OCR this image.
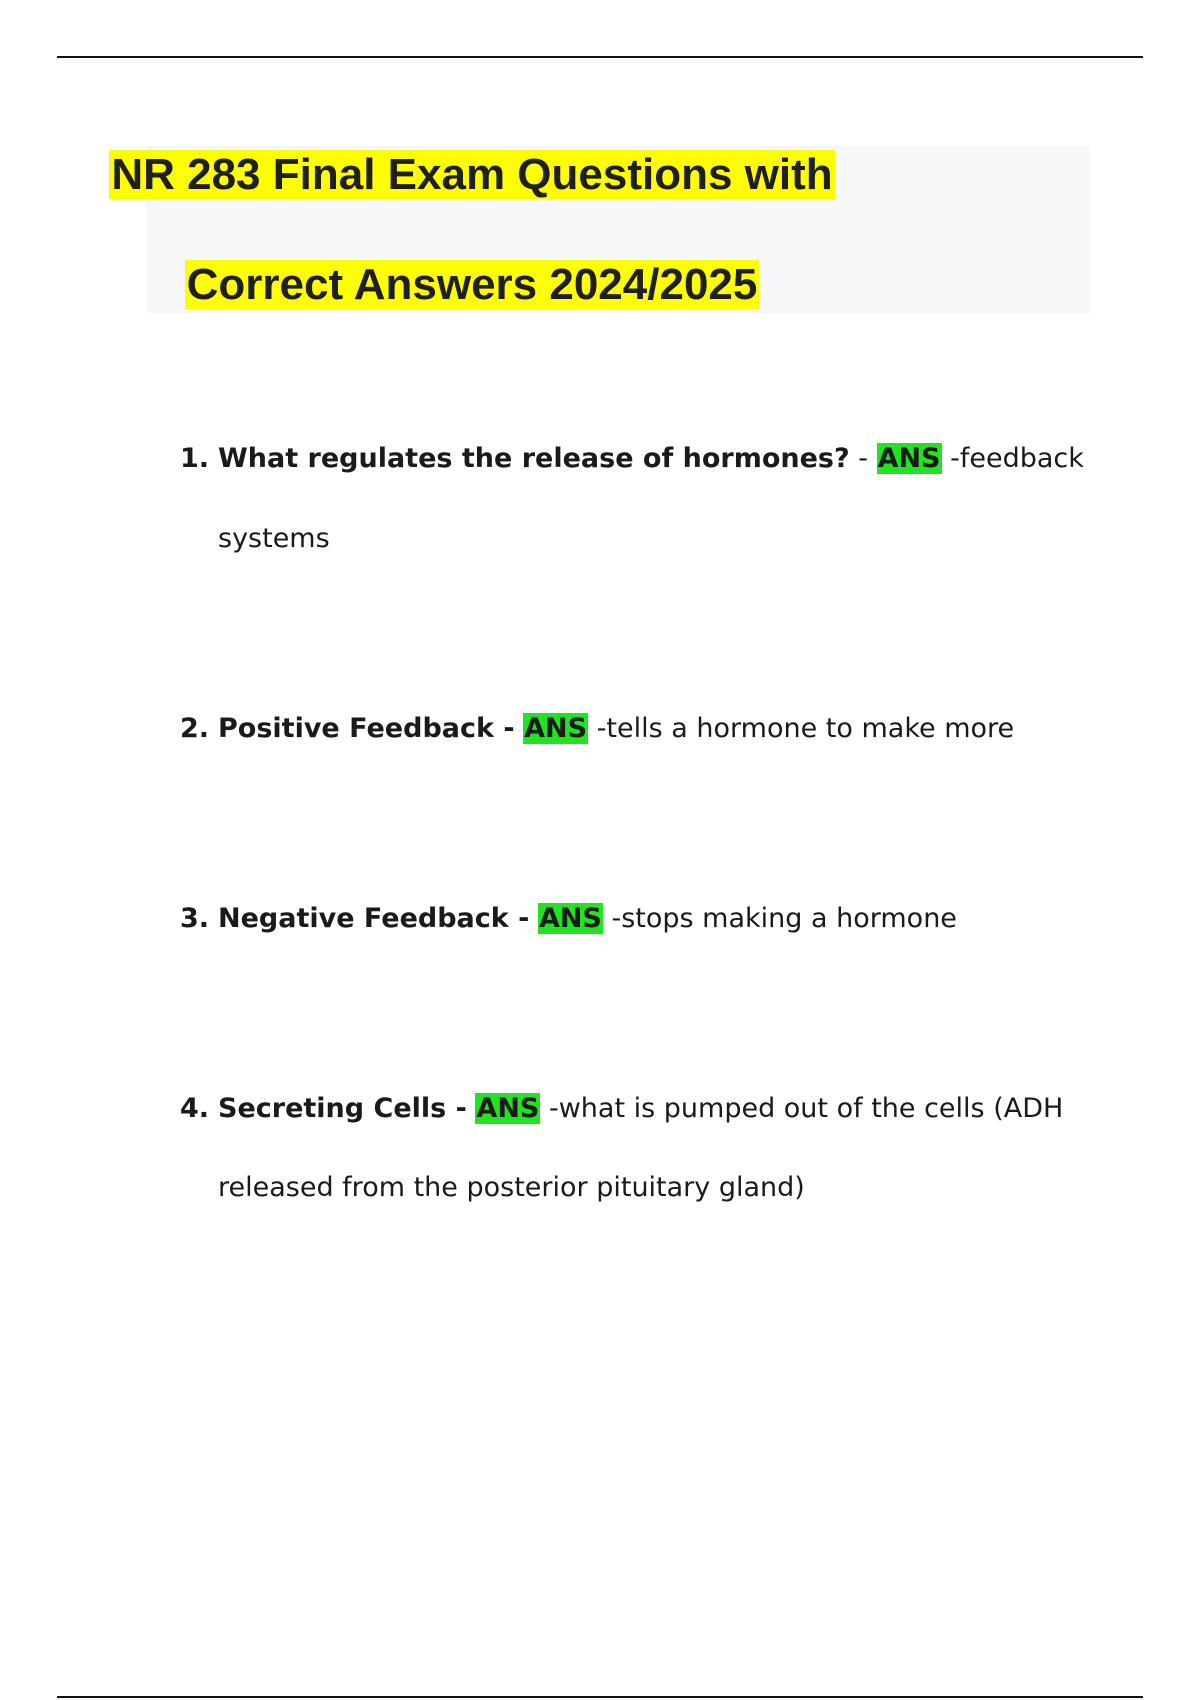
NR 283 Final Exam Questions with
Correct Answers 2024/2025
1. What regulates the release of hormones? - ANS -feedback
systems
2. Positive Feedback - ANS -tells a hormone to make more
3. Negative Feedback - ANS -stops making a hormone
4. Secreting Cells - ANS -what is pumped out of the cells (ADH
released from the posterior pituitary gland)
